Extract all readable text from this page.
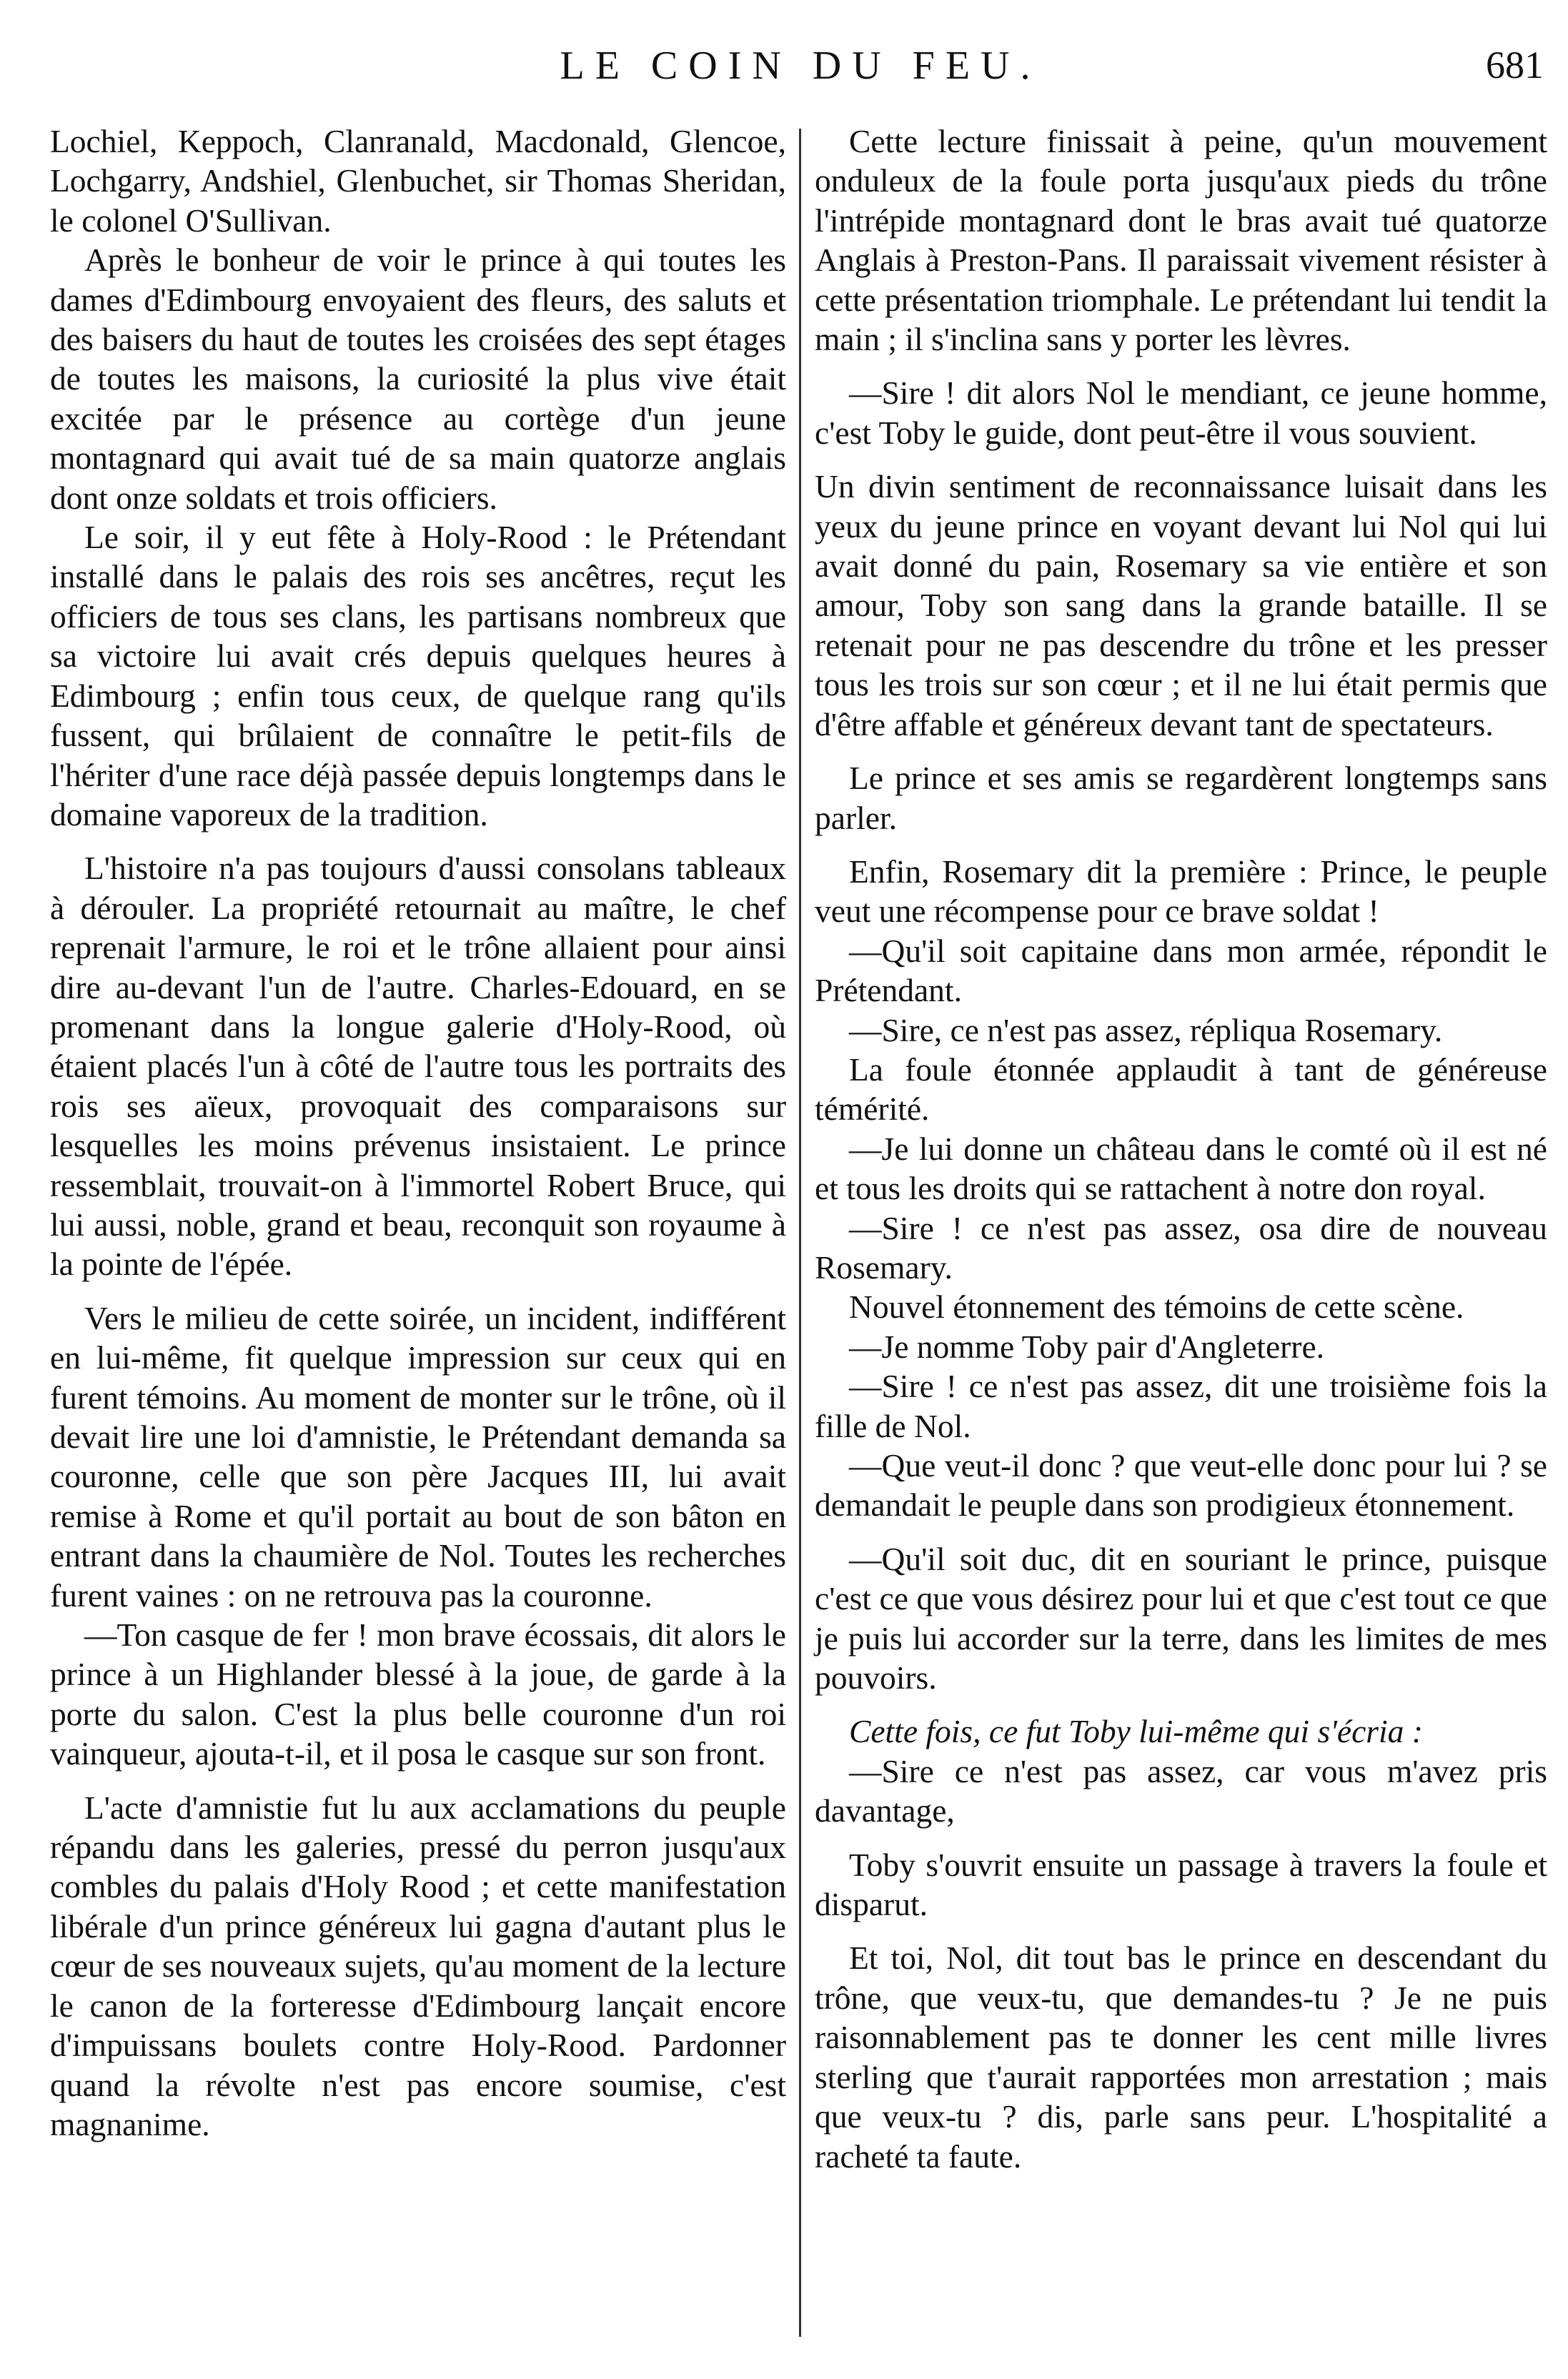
LE COIN DU FEU.	681

Lochiel, Keppoch, Clanranald, Macdonald, Glencoe, Lochgarry, Andshiel, Glenbuchet, sir Thomas Sheridan, le colonel O'Sullivan.

Après le bonheur de voir le prince à qui toutes les dames d'Edimbourg envoyaient des fleurs, des saluts et des baisers du haut de toutes les croisées des sept étages de toutes les maisons, la curiosité la plus vive était excitée par le présence au cortège d'un jeune montagnard qui avait tué de sa main quatorze anglais dont onze soldats et trois officiers.

Le soir, il y eut fête à Holy-Rood : le Prétendant installé dans le palais des rois ses ancêtres, reçut les officiers de tous ses clans, les partisans nombreux que sa victoire lui avait crés depuis quelques heures à Edimbourg ; enfin tous ceux, de quelque rang qu'ils fussent, qui brûlaient de connaître le petit-fils de l'hériter d'une race déjà passée depuis longtemps dans le domaine vaporeux de la tradition.

L'histoire n'a pas toujours d'aussi consolans tableaux à dérouler. La propriété retournait au maître, le chef reprenait l'armure, le roi et le trône allaient pour ainsi dire au-devant l'un de l'autre. Charles-Edouard, en se promenant dans la longue galerie d'Holy-Rood, où étaient placés l'un à côté de l'autre tous les portraits des rois ses aïeux, provoquait des comparaisons sur lesquelles les moins prévenus insistaient. Le prince ressemblait, trouvait-on à l'immortel Robert Bruce, qui lui aussi, noble, grand et beau, reconquit son royaume à la pointe de l'épée.

Vers le milieu de cette soirée, un incident, indifférent en lui-même, fit quelque impression sur ceux qui en furent témoins. Au moment de monter sur le trône, où il devait lire une loi d'amnistie, le Prétendant demanda sa couronne, celle que son père Jacques III, lui avait remise à Rome et qu'il portait au bout de son bâton en entrant dans la chaumière de Nol. Toutes les recherches furent vaines : on ne retrouva pas la couronne.

—Ton casque de fer ! mon brave écossais, dit alors le prince à un Highlander blessé à la joue, de garde à la porte du salon. C'est la plus belle couronne d'un roi vainqueur, ajouta-t-il, et il posa le casque sur son front.

L'acte d'amnistie fut lu aux acclamations du peuple répandu dans les galeries, pressé du perron jusqu'aux combles du palais d'Holy Rood ; et cette manifestation libérale d'un prince généreux lui gagna d'autant plus le cœur de ses nouveaux sujets, qu'au moment de la lecture le canon de la forteresse d'Edimbourg lançait encore d'impuissans boulets contre Holy-Rood. Pardonner quand la révolte n'est pas encore soumise, c'est magnanime.

Cette lecture finissait à peine, qu'un mouvement onduleux de la foule porta jusqu'aux pieds du trône l'intrépide montagnard dont le bras avait tué quatorze Anglais à Preston-Pans. Il paraissait vivement résister à cette présentation triomphale. Le prétendant lui tendit la main ; il s'inclina sans y porter les lèvres.

—Sire ! dit alors Nol le mendiant, ce jeune homme, c'est Toby le guide, dont peut-être il vous souvient.

Un divin sentiment de reconnaissance luisait dans les yeux du jeune prince en voyant devant lui Nol qui lui avait donné du pain, Rosemary sa vie entière et son amour, Toby son sang dans la grande bataille. Il se retenait pour ne pas descendre du trône et les presser tous les trois sur son cœur ; et il ne lui était permis que d'être affable et généreux devant tant de spectateurs.

Le prince et ses amis se regardèrent longtemps sans parler.

Enfin, Rosemary dit la première : Prince, le peuple veut une récompense pour ce brave soldat !

—Qu'il soit capitaine dans mon armée, répondit le Prétendant.

—Sire, ce n'est pas assez, répliqua Rosemary.

La foule étonnée applaudit à tant de généreuse témérité.

—Je lui donne un château dans le comté où il est né et tous les droits qui se rattachent à notre don royal.

—Sire ! ce n'est pas assez, osa dire de nouveau Rosemary.

Nouvel étonnement des témoins de cette scène.

—Je nomme Toby pair d'Angleterre.

—Sire ! ce n'est pas assez, dit une troisième fois la fille de Nol.

—Que veut-il donc ? que veut-elle donc pour lui ? se demandait le peuple dans son prodigieux étonnement.

—Qu'il soit duc, dit en souriant le prince, puisque c'est ce que vous désirez pour lui et que c'est tout ce que je puis lui accorder sur la terre, dans les limites de mes pouvoirs.

Cette fois, ce fut Toby lui-même qui s'écria :

—Sire ce n'est pas assez, car vous m'avez pris davantage,

Toby s'ouvrit ensuite un passage à travers la foule et disparut.

Et toi, Nol, dit tout bas le prince en descendant du trône, que veux-tu, que demandes-tu ? Je ne puis raisonnablement pas te donner les cent mille livres sterling que t'aurait rapportées mon arrestation ; mais que veux-tu ? dis, parle sans peur. L'hospitalité a racheté ta faute.
